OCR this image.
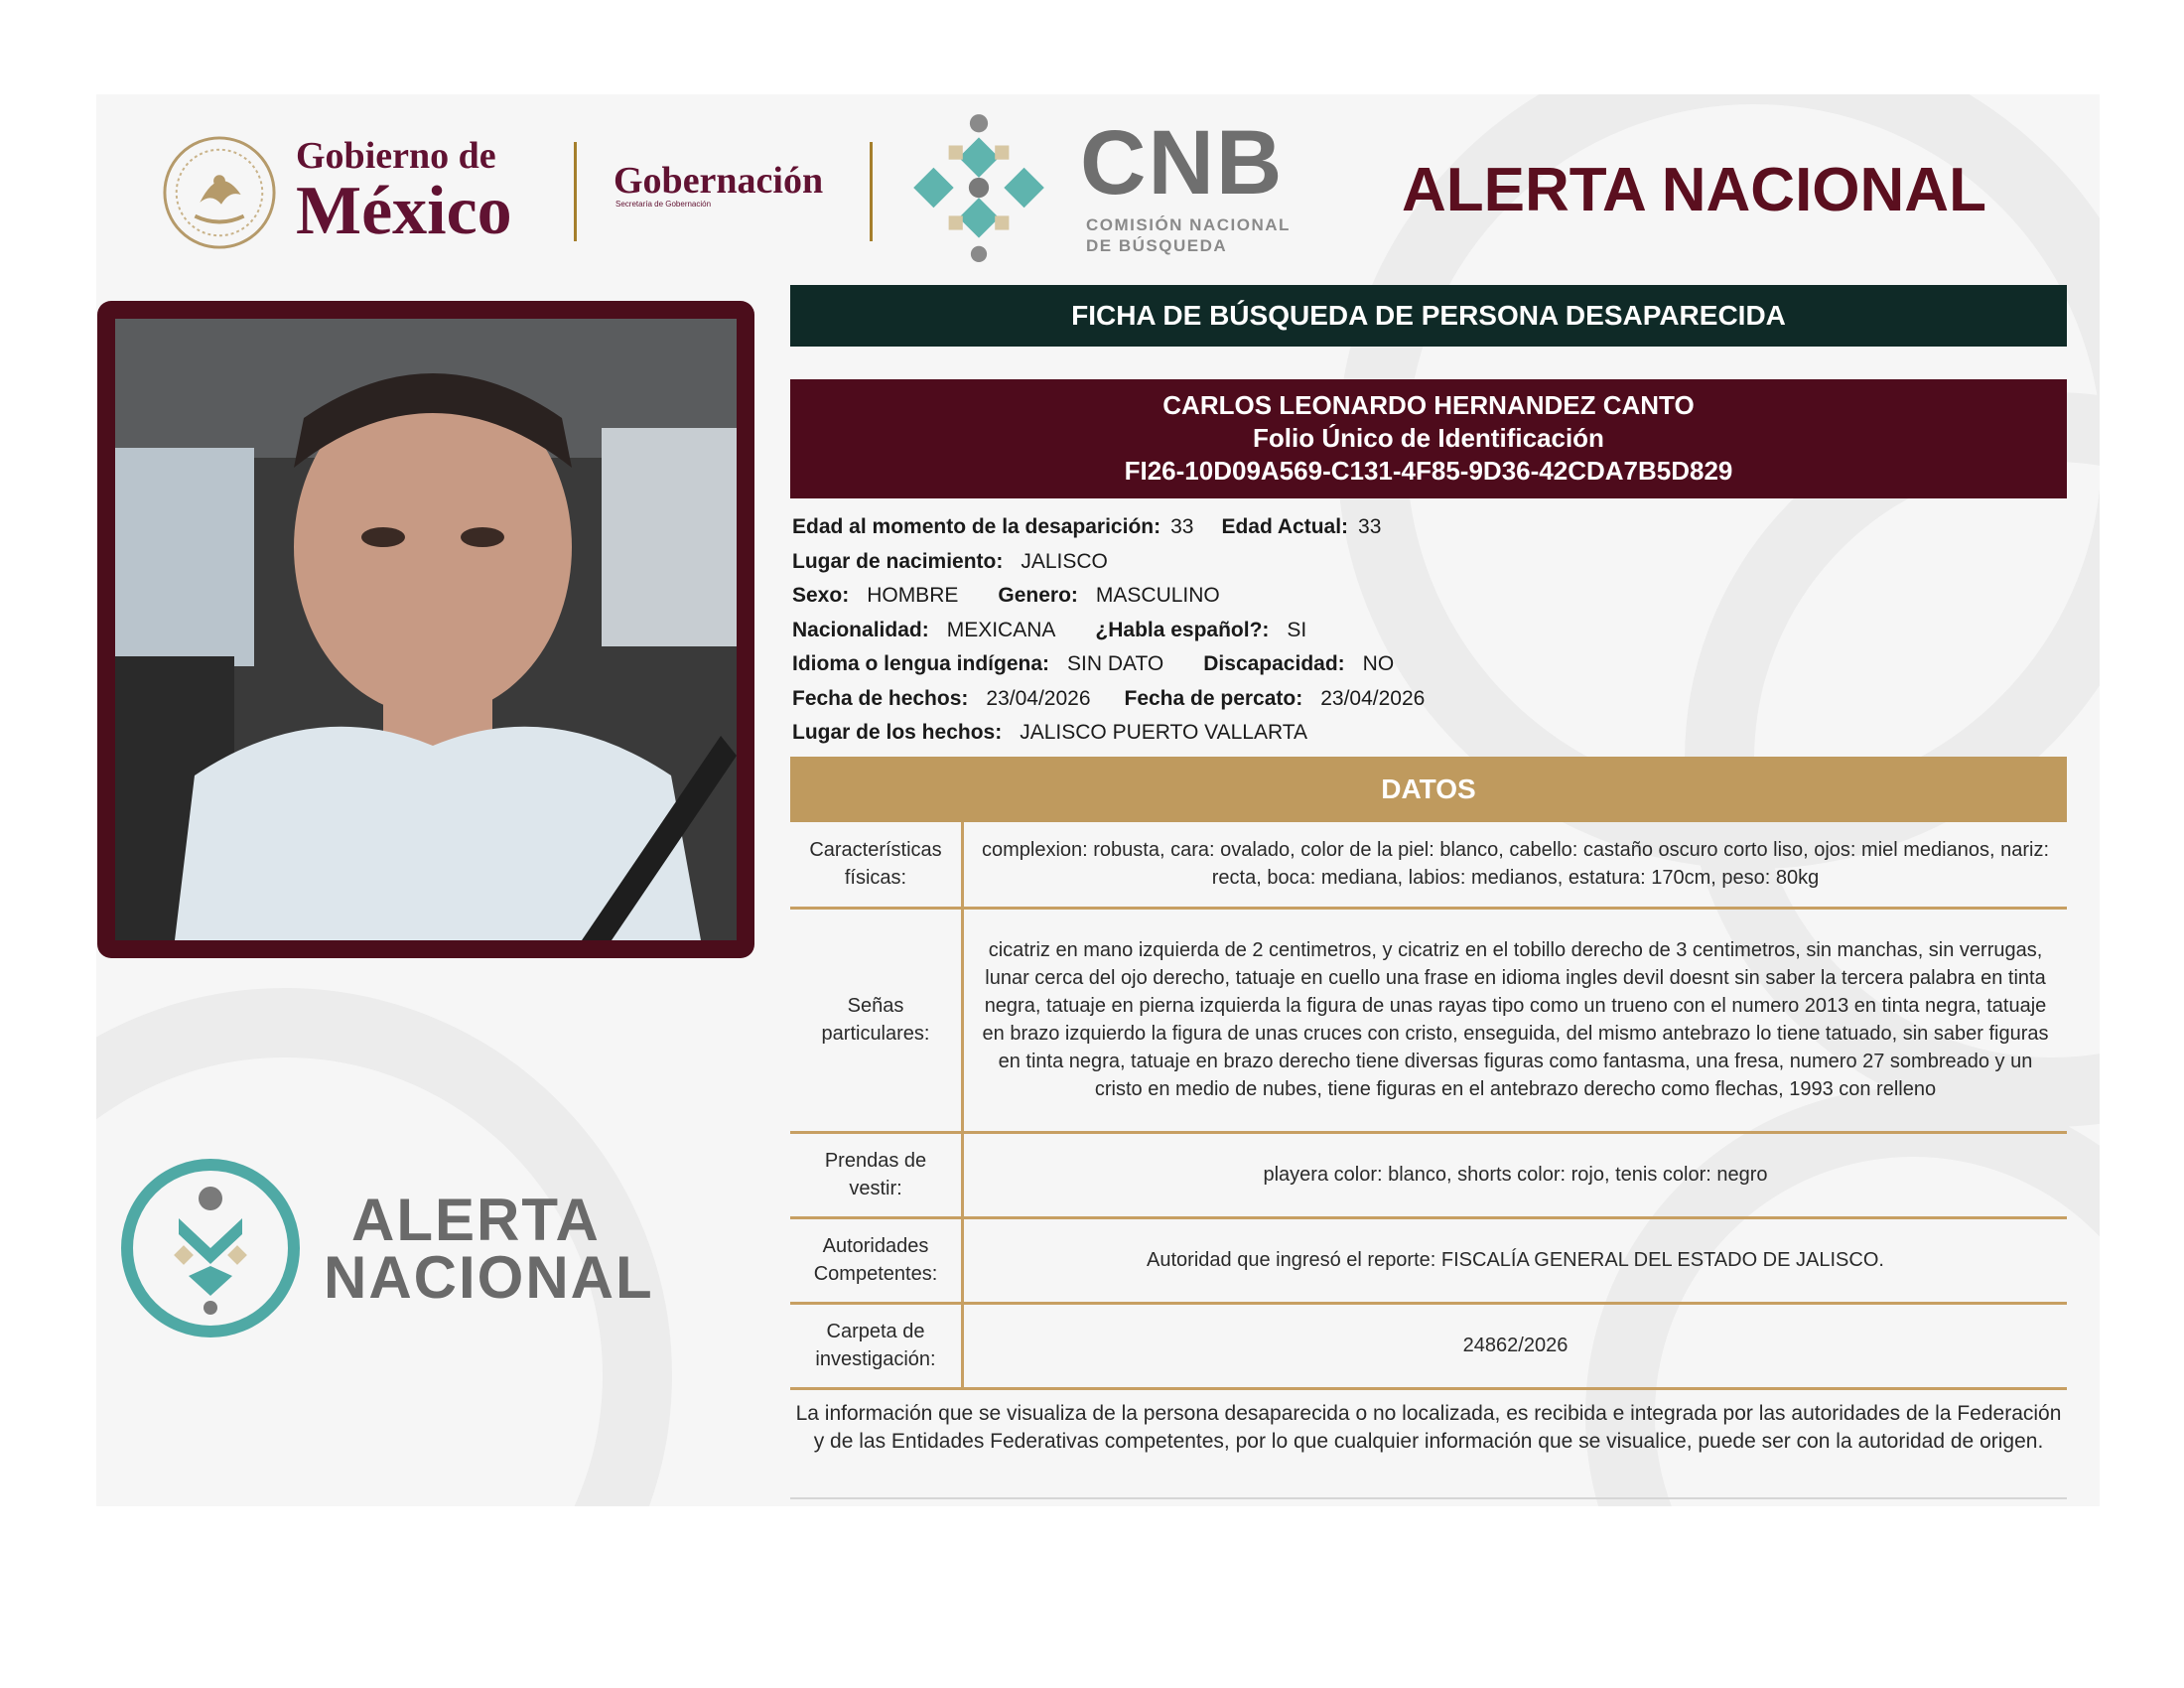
Gobierno de
México	Gobernación
Secretaría de Gobernación	CNB
COMISIÓN NACIONAL
DE BÚSQUEDA
ALERTA NACIONAL
FICHA DE BÚSQUEDA DE PERSONA DESAPARECIDA
CARLOS LEONARDO HERNANDEZ CANTO
Folio Único de Identificación
FI26-10D09A569-C131-4F85-9D36-42CDA7B5D829
Edad al momento de la desaparición: 33 Edad Actual: 33
Lugar de nacimiento: JALISCO
Sexo: HOMBRE Genero: MASCULINO
Nacionalidad: MEXICANA ¿Habla español?: SI
Idioma o lengua indígena: SIN DATO Discapacidad: NO
Fecha de hechos: 23/04/2026 Fecha de percato: 23/04/2026
Lugar de los hechos: JALISCO PUERTO VALLARTA
DATOS
Características
físicas:	complexion: robusta, cara: ovalado, color de la piel: blanco, cabello: castaño oscuro corto liso, ojos: miel medianos, nariz: recta, boca: mediana, labios: medianos, estatura: 170cm, peso: 80kg

Señas
particulares:	cicatriz en mano izquierda de 2 centimetros, y cicatriz en el tobillo derecho de 3 centimetros, sin manchas, sin verrugas, lunar cerca del ojo derecho, tatuaje en cuello una frase en idioma ingles devil doesnt sin saber la tercera palabra en tinta negra, tatuaje en pierna izquierda la figura de unas rayas tipo como un trueno con el numero 2013 en tinta negra, tatuaje en brazo izquierdo la figura de unas cruces con cristo, enseguida, del mismo antebrazo lo tiene tatuado, sin saber figuras en tinta negra, tatuaje en brazo derecho tiene diversas figuras como fantasma, una fresa, numero 27 sombreado y un cristo en medio de nubes, tiene figuras en el antebrazo derecho como flechas, 1993 con relleno

Prendas de
vestir:	playera color: blanco, shorts color: rojo, tenis color: negro

Autoridades
Competentes:	Autoridad que ingresó el reporte: FISCALÍA GENERAL DEL ESTADO DE JALISCO.

Carpeta de
investigación:	24862/2026
La información que se visualiza de la persona desaparecida o no localizada, es recibida e integrada por las autoridades de la Federación y de las Entidades Federativas competentes, por lo que cualquier información que se visualice, puede ser con la autoridad de origen.
ALERTA
NACIONAL
